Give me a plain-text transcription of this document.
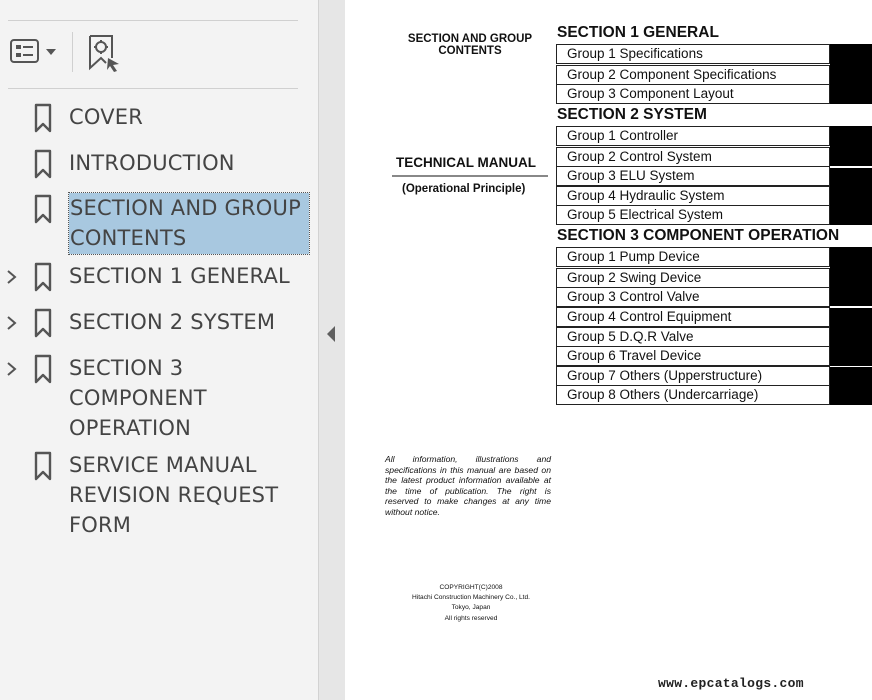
COVER
INTRODUCTION
SECTION AND GROUP
CONTENTS
SECTION 1 GENERAL
SECTION 2 SYSTEM
SECTION 3
COMPONENT
OPERATION
SERVICE MANUAL
REVISION REQUEST
FORM
SECTION AND GROUP
CONTENTS
TECHNICAL MANUAL
(Operational Principle)
SECTION 1 GENERAL
Group 1 Specifications
Group 2 Component Specifications
Group 3 Component Layout
SECTION 2 SYSTEM
Group 1 Controller
Group 2 Control System
Group 3 ELU System
Group 4 Hydraulic System
Group 5 Electrical System
SECTION 3 COMPONENT OPERATION
Group 1 Pump Device
Group 2 Swing Device
Group 3 Control Valve
Group 4 Control Equipment
Group 5 D.Q.R Valve
Group 6 Travel Device
Group 7 Others (Upperstructure)
Group 8 Others (Undercarriage)
All information, illustrations and specifications in this manual are based on the latest product information available at the time of publication. The right is reserved to make changes at any time without notice.
COPYRIGHT(C)2008
Hitachi Construction Machinery Co., Ltd.
Tokyo, Japan
All rights reserved
www.epcatalogs.com
